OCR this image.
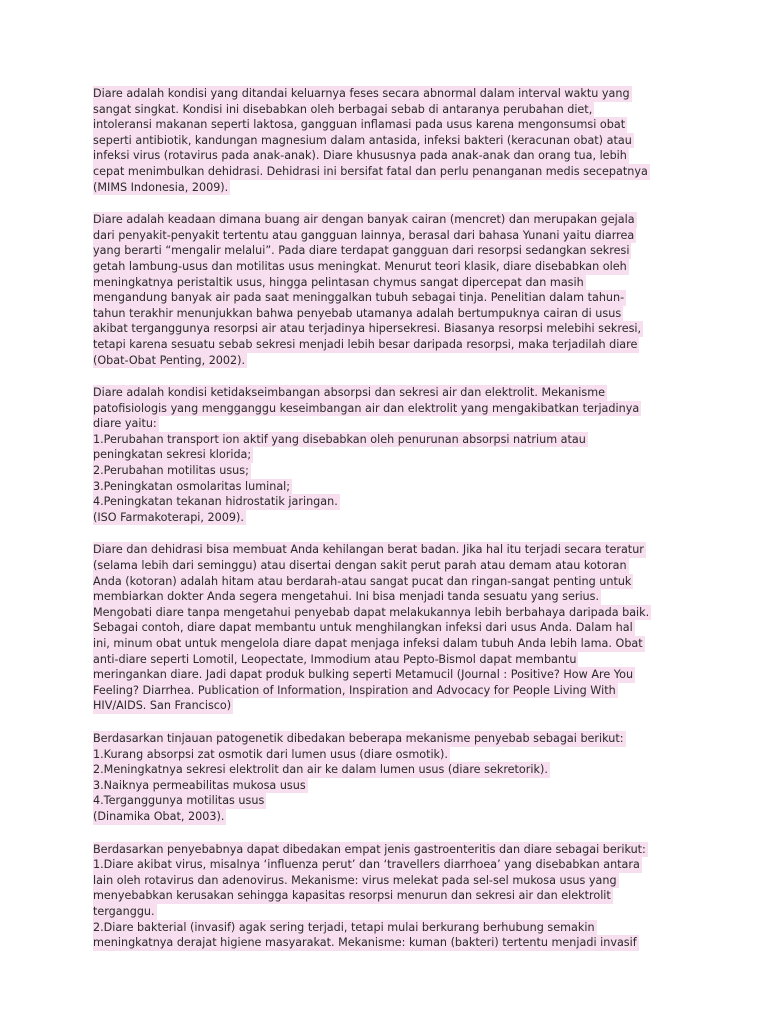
Diare adalah kondisi yang ditandai keluarnya feses secara abnormal dalam interval waktu yang
sangat singkat. Kondisi ini disebabkan oleh berbagai sebab di antaranya perubahan diet,
intoleransi makanan seperti laktosa, gangguan inflamasi pada usus karena mengonsumsi obat
seperti antibiotik, kandungan magnesium dalam antasida, infeksi bakteri (keracunan obat) atau
infeksi virus (rotavirus pada anak-anak). Diare khususnya pada anak-anak dan orang tua, lebih
cepat menimbulkan dehidrasi. Dehidrasi ini bersifat fatal dan perlu penanganan medis secepatnya
(MIMS Indonesia, 2009).
Diare adalah keadaan dimana buang air dengan banyak cairan (mencret) dan merupakan gejala
dari penyakit-penyakit tertentu atau gangguan lainnya, berasal dari bahasa Yunani yaitu diarrea
yang berarti “mengalir melalui”. Pada diare terdapat gangguan dari resorpsi sedangkan sekresi
getah lambung-usus dan motilitas usus meningkat. Menurut teori klasik, diare disebabkan oleh
meningkatnya peristaltik usus, hingga pelintasan chymus sangat dipercepat dan masih
mengandung banyak air pada saat meninggalkan tubuh sebagai tinja. Penelitian dalam tahun-
tahun terakhir menunjukkan bahwa penyebab utamanya adalah bertumpuknya cairan di usus
akibat terganggunya resorpsi air atau terjadinya hipersekresi. Biasanya resorpsi melebihi sekresi,
tetapi karena sesuatu sebab sekresi menjadi lebih besar daripada resorpsi, maka terjadilah diare
(Obat-Obat Penting, 2002).
Diare adalah kondisi ketidakseimbangan absorpsi dan sekresi air dan elektrolit. Mekanisme
patofisiologis yang mengganggu keseimbangan air dan elektrolit yang mengakibatkan terjadinya
diare yaitu:
1.Perubahan transport ion aktif yang disebabkan oleh penurunan absorpsi natrium atau
peningkatan sekresi klorida;
2.Perubahan motilitas usus;
3.Peningkatan osmolaritas luminal;
4.Peningkatan tekanan hidrostatik jaringan.
(ISO Farmakoterapi, 2009).
Diare dan dehidrasi bisa membuat Anda kehilangan berat badan. Jika hal itu terjadi secara teratur
(selama lebih dari seminggu) atau disertai dengan sakit perut parah atau demam atau kotoran
Anda (kotoran) adalah hitam atau berdarah-atau sangat pucat dan ringan-sangat penting untuk
membiarkan dokter Anda segera mengetahui. Ini bisa menjadi tanda sesuatu yang serius.
Mengobati diare tanpa mengetahui penyebab dapat melakukannya lebih berbahaya daripada baik.
Sebagai contoh, diare dapat membantu untuk menghilangkan infeksi dari usus Anda. Dalam hal
ini, minum obat untuk mengelola diare dapat menjaga infeksi dalam tubuh Anda lebih lama. Obat
anti-diare seperti Lomotil, Leopectate, Immodium atau Pepto-Bismol dapat membantu
meringankan diare. Jadi dapat produk bulking seperti Metamucil (Journal : Positive? How Are You
Feeling? Diarrhea. Publication of Information, Inspiration and Advocacy for People Living With
HIV/AIDS. San Francisco)
Berdasarkan tinjauan patogenetik dibedakan beberapa mekanisme penyebab sebagai berikut:
1.Kurang absorpsi zat osmotik dari lumen usus (diare osmotik).
2.Meningkatnya sekresi elektrolit dan air ke dalam lumen usus (diare sekretorik).
3.Naiknya permeabilitas mukosa usus
4.Terganggunya motilitas usus
(Dinamika Obat, 2003).
Berdasarkan penyebabnya dapat dibedakan empat jenis gastroenteritis dan diare sebagai berikut:
1.Diare akibat virus, misalnya ‘influenza perut’ dan ‘travellers diarrhoea’ yang disebabkan antara
lain oleh rotavirus dan adenovirus. Mekanisme: virus melekat pada sel-sel mukosa usus yang
menyebabkan kerusakan sehingga kapasitas resorpsi menurun dan sekresi air dan elektrolit
terganggu.
2.Diare bakterial (invasif) agak sering terjadi, tetapi mulai berkurang berhubung semakin
meningkatnya derajat higiene masyarakat. Mekanisme: kuman (bakteri) tertentu menjadi invasif
